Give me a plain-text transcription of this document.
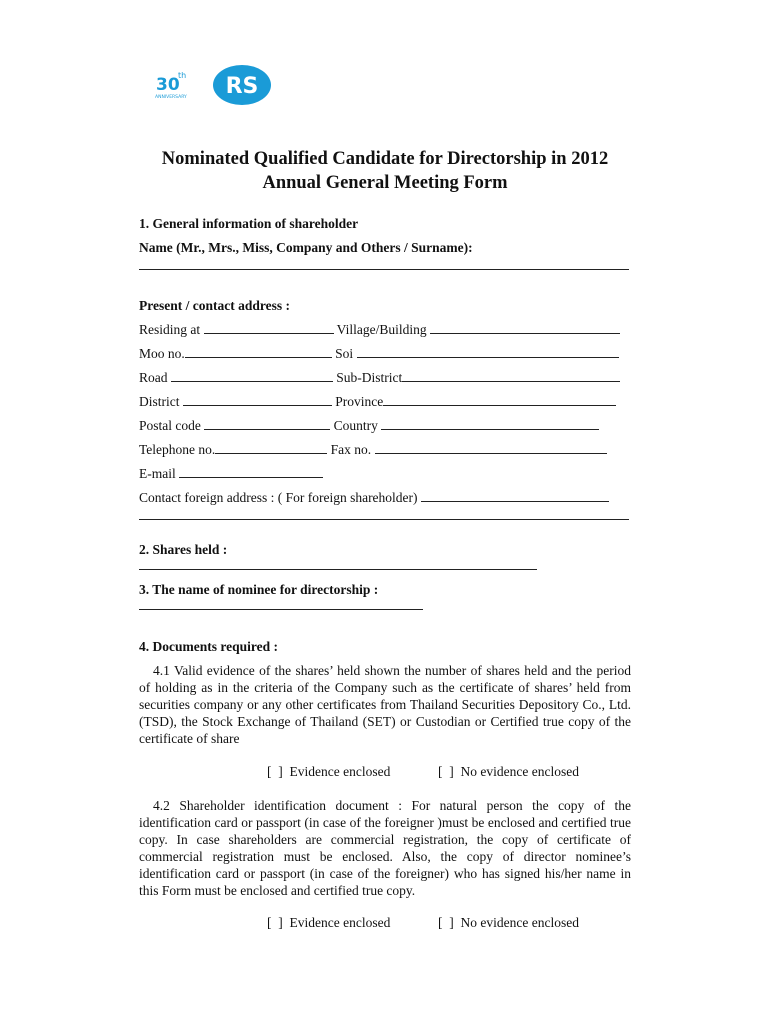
30
th
ANNIVERSARY RS
Nominated Qualified Candidate for Directorship in 2012
Annual General Meeting Form
1. General information of shareholder
Name (Mr., Mrs., Miss, Company and Others / Surname):
Present / contact address :
Residing at	Village/Building
Moo no.	Soi
Road	Sub-District
District	Province
Postal code	Country
Telephone no.	Fax no.
E-mail
Contact foreign address : ( For foreign shareholder)
2. Shares held :
3. The name of nominee for directorship :
4. Documents required :
4.1 Valid evidence of the shares’ held shown the number of shares held and the period of holding as in the criteria of the Company such as the certificate of shares’ held from securities company or any other certificates from Thailand Securities Depository Co., Ltd. (TSD), the Stock Exchange of Thailand (SET) or Custodian or Certified true copy of the certificate of share
[  ]  Evidence enclosed	[  ]  No evidence enclosed
4.2 Shareholder identification document : For natural person the copy of the identification card or passport (in case of the foreigner )must be enclosed and certified true copy. In case shareholders are commercial registration, the copy of certificate of commercial registration must be enclosed. Also, the copy of director nominee’s identification card or passport (in case of the foreigner) who has signed his/her name in this Form must be enclosed and certified true copy.
[  ]  Evidence enclosed	[  ]  No evidence enclosed
